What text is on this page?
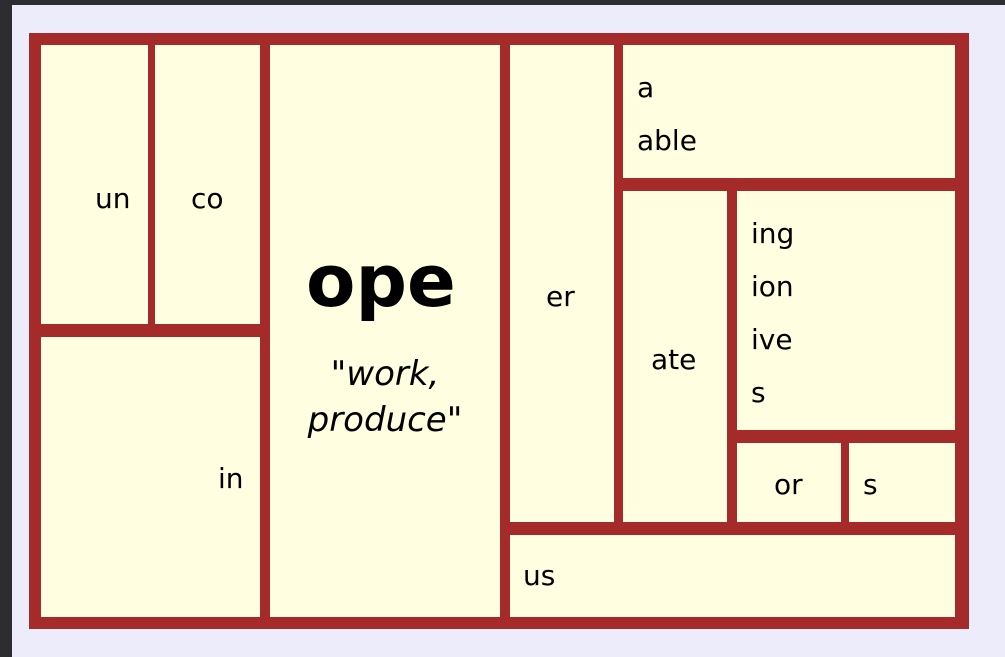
un co
in
ope
"work,
produce"
er
a
able
ate
ing
ion
ive
s
or s
us
